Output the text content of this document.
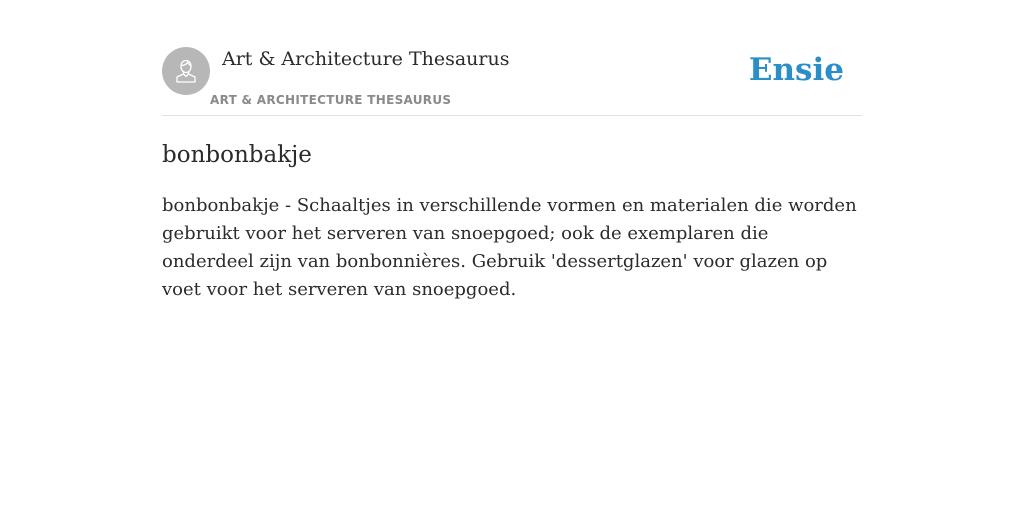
Art & Architecture Thesaurus
ART & ARCHITECTURE THESAURUS
Ensie
bonbonbakje

bonbonbakje - Schaaltjes in verschillende vormen en materialen die worden gebruikt voor het serveren van snoepgoed; ook de exemplaren die onderdeel zijn van bonbonnières. Gebruik 'dessertglazen' voor glazen op voet voor het serveren van snoepgoed.
